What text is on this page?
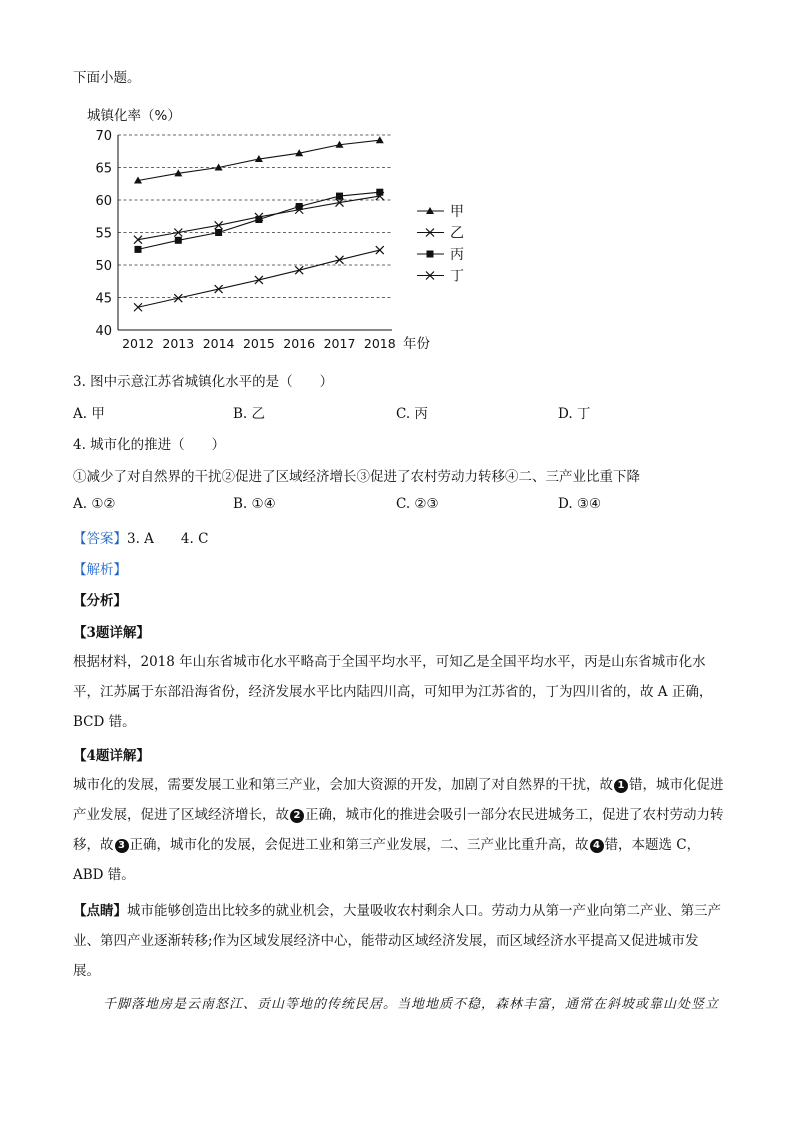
下面小题。
城镇化率（%）
40
45
50
55
60
65
70
2012 2013 2014 2015 2016 2017 2018 年份
甲
乙
丙
丁
3. 图中示意江苏省城镇化水平的是（　　）
A. 甲	B. 乙	C. 丙	D. 丁
4. 城市化的推进（　　）
①减少了对自然界的干扰②促进了区域经济增长③促进了农村劳动力转移④二、三产业比重下降
A. ①②	B. ①④	C. ②③	D. ③④
【答案】3. A　　4. C
【解析】
【分析】
【3题详解】
根据材料，2018 年山东省城市化水平略高于全国平均水平，可知乙是全国平均水平，丙是山东省城市化水平，江苏属于东部沿海省份，经济发展水平比内陆四川高，可知甲为江苏省的，丁为四川省的，故 A 正确，BCD 错。
【4题详解】
城市化的发展，需要发展工业和第三产业，会加大资源的开发，加剧了对自然界的干扰，故 1 错，城市化促进产业发展，促进了区域经济增长，故 2 正确，城市化的推进会吸引一部分农民进城务工，促进了农村劳动力转移，故 3 正确，城市化的发展，会促进工业和第三产业发展，二、三产业比重升高，故 4 错，本题选 C，ABD 错。
【点睛】城市能够创造出比较多的就业机会，大量吸收农村剩余人口。劳动力从第一产业向第二产业、第三产业、第四产业逐渐转移;作为区域发展经济中心，能带动区域经济发展，而区域经济水平提高又促进城市发展。
千脚落地房是云南怒江、贡山等地的传统民居。当地地质不稳，森林丰富，通常在斜坡或靠山处竖立
